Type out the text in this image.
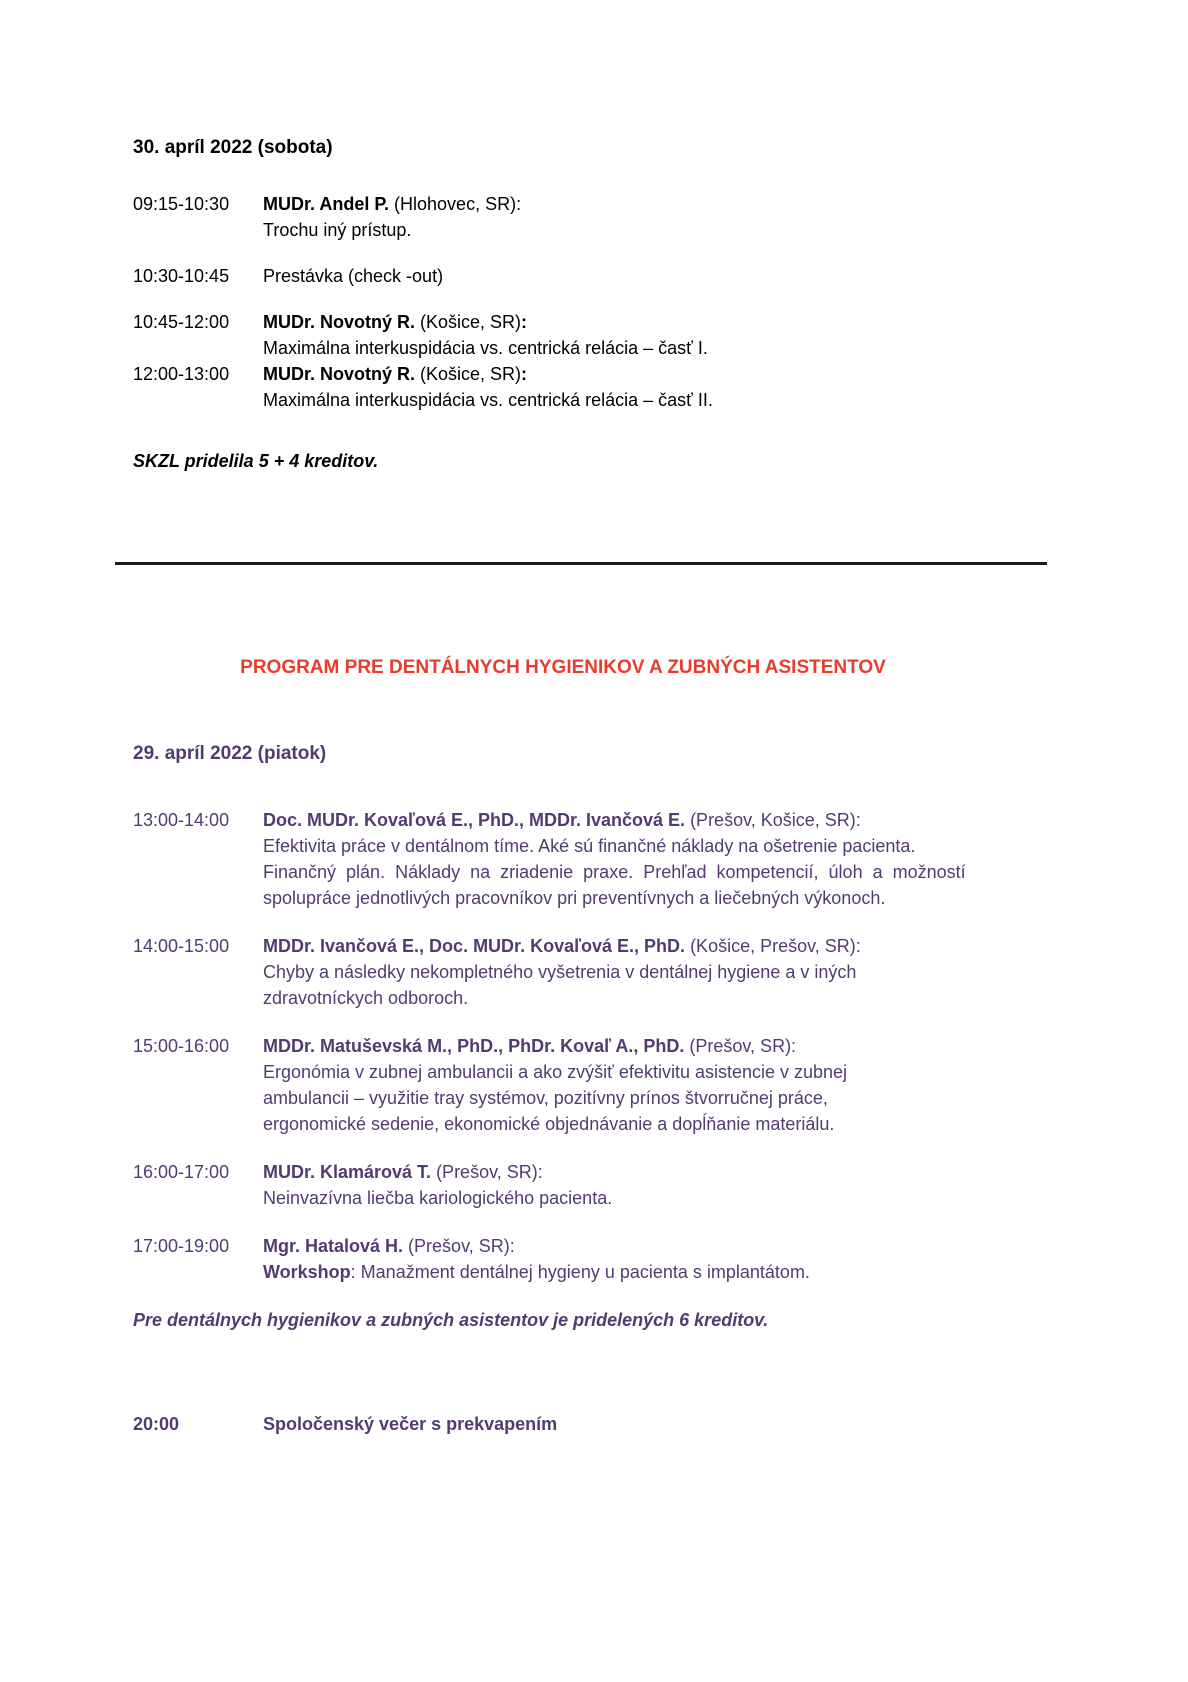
30. apríl 2022 (sobota)
09:15-10:30	MUDr. Andel P. (Hlohovec, SR):
Trochu iný prístup.
10:30-10:45	Prestávka (check -out)
10:45-12:00	MUDr. Novotný R. (Košice, SR):
Maximálna interkuspidácia vs. centrická relácia – časť I.
12:00-13:00	MUDr. Novotný R. (Košice, SR):
Maximálna interkuspidácia vs. centrická relácia – časť II.

SKZL pridelila 5 + 4 kreditov.

PROGRAM PRE DENTÁLNYCH HYGIENIKOV A ZUBNÝCH ASISTENTOV
29. apríl 2022 (piatok)
13:00-14:00	Doc. MUDr. Kovaľová E., PhD., MDDr. Ivančová E. (Prešov, Košice, SR):
Efektivita práce v dentálnom tíme. Aké sú finančné náklady na ošetrenie pacienta.
Finančný plán. Náklady na zriadenie praxe. Prehľad kompetencií, úloh a možností
spolupráce jednotlivých pracovníkov pri preventívnych a liečebných výkonoch.
14:00-15:00	MDDr. Ivančová E., Doc. MUDr. Kovaľová E., PhD. (Košice, Prešov, SR):
Chyby a následky nekompletného vyšetrenia v dentálnej hygiene a v iných
zdravotníckych odboroch.
15:00-16:00	MDDr. Matuševská M., PhD., PhDr. Kovaľ A., PhD. (Prešov, SR):
Ergonómia v zubnej ambulancii a ako zvýšiť efektivitu asistencie v zubnej
ambulancii – využitie tray systémov, pozitívny prínos štvorručnej práce,
ergonomické sedenie, ekonomické objednávanie a dopĺňanie materiálu.
16:00-17:00	MUDr. Klamárová T. (Prešov, SR):
Neinvazívna liečba kariologického pacienta.
17:00-19:00	Mgr. Hatalová H. (Prešov, SR):
Workshop: Manažment dentálnej hygieny u pacienta s implantátom.

Pre dentálnych hygienikov a zubných asistentov je pridelených 6 kreditov.

20:00	Spoločenský večer s prekvapením
